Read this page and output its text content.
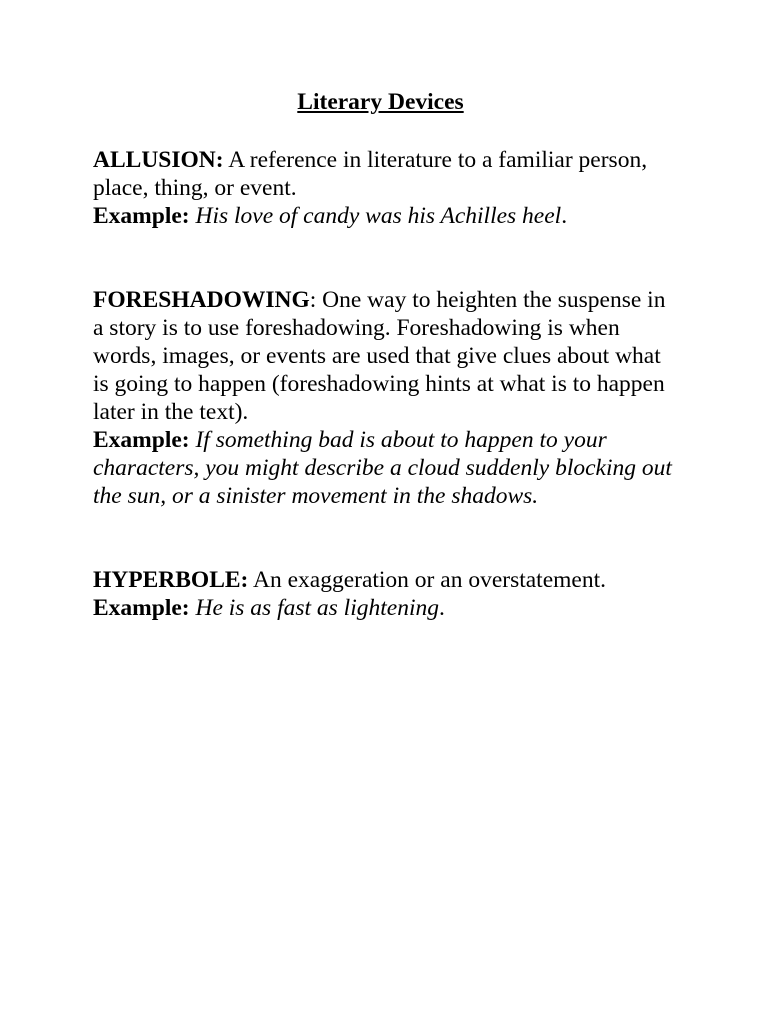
Literary Devices

ALLUSION: A reference in literature to a familiar person, place, thing, or event.

Example: His love of candy was his Achilles heel.

FORESHADOWING: One way to heighten the suspense in a story is to use foreshadowing. Foreshadowing is when words, images, or events are used that give clues about what is going to happen (foreshadowing hints at what is to happen later in the text).

Example: If something bad is about to happen to your characters, you might describe a cloud suddenly blocking out the sun, or a sinister movement in the shadows.

HYPERBOLE: An exaggeration or an overstatement.

Example: He is as fast as lightening.
